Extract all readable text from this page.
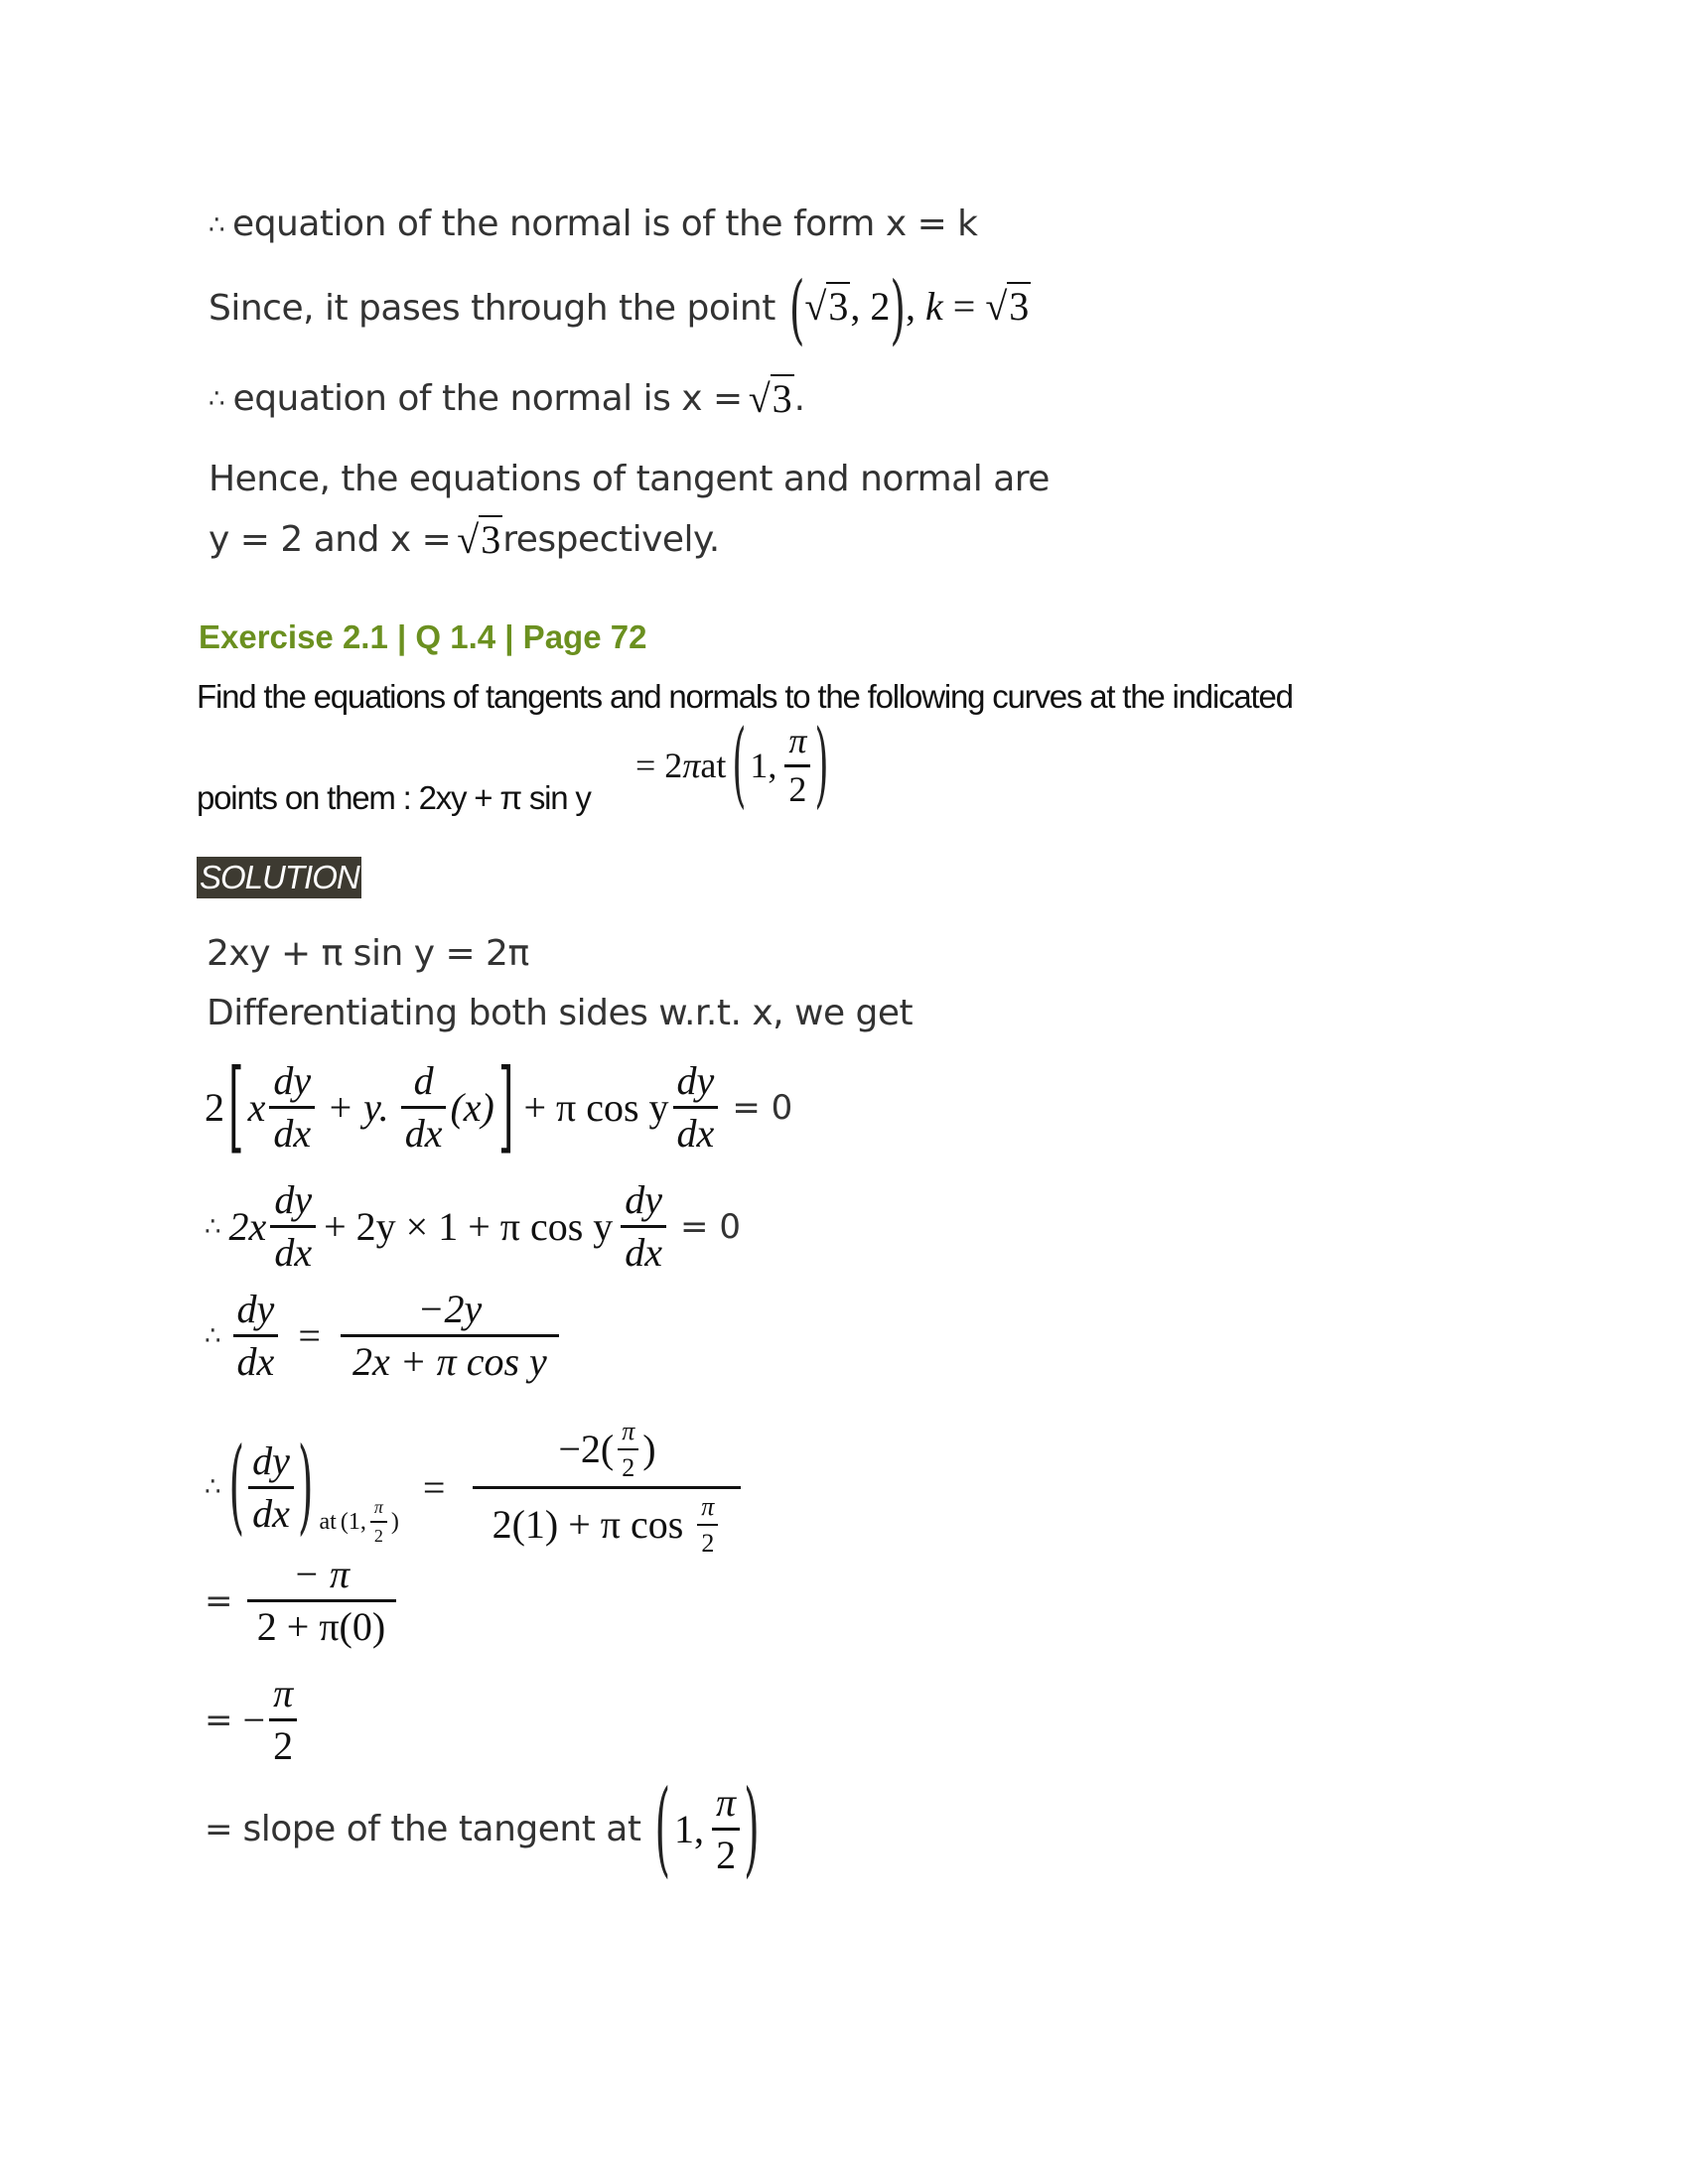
∴ equation of the normal is of the form x = k
Since, it pases through the point (√3, 2), k = √3
∴ equation of the normal is x = √3 .
Hence, the equations of tangent and normal are
y = 2 and x = √3 respectively.
Exercise 2.1 | Q 1.4 | Page 72
Find the equations of tangents and normals to the following curves at the indicated
points on them : 2xy + π sin y
= 2 π at ( 1, $\frac{\pi}{2}$ )
SOLUTION
2xy + π sin y = 2π
Differentiating both sides w.r.t. x, we get
2 [ x $\frac{dy}{dx} + y$. $\frac{d}{dx} (x)$ ] + π cos y $\frac{dy}{dx} = 0$
∴ $2x \frac{dy}{dx} + 2y \times 1 + \pi$ cos y $\frac{dy}{dx} = 0$
∴ $\frac{dy}{dx} = \frac{-2y}{\text{2x + π cos y}}$
∴ ( $\frac{dy}{dx}$ ) at ( 1, $\frac{\pi}{2}$ )
= $\frac{-2 ( \frac{\pi}{2} )}{2(1) + \pi \cos \frac{\pi}{2}}$
= $\frac{- \pi}{2 + \pi(0)}$
= − $\frac{\pi}{2}$
= slope of the tangent at ( 1, $\frac{\pi}{2}$ )
